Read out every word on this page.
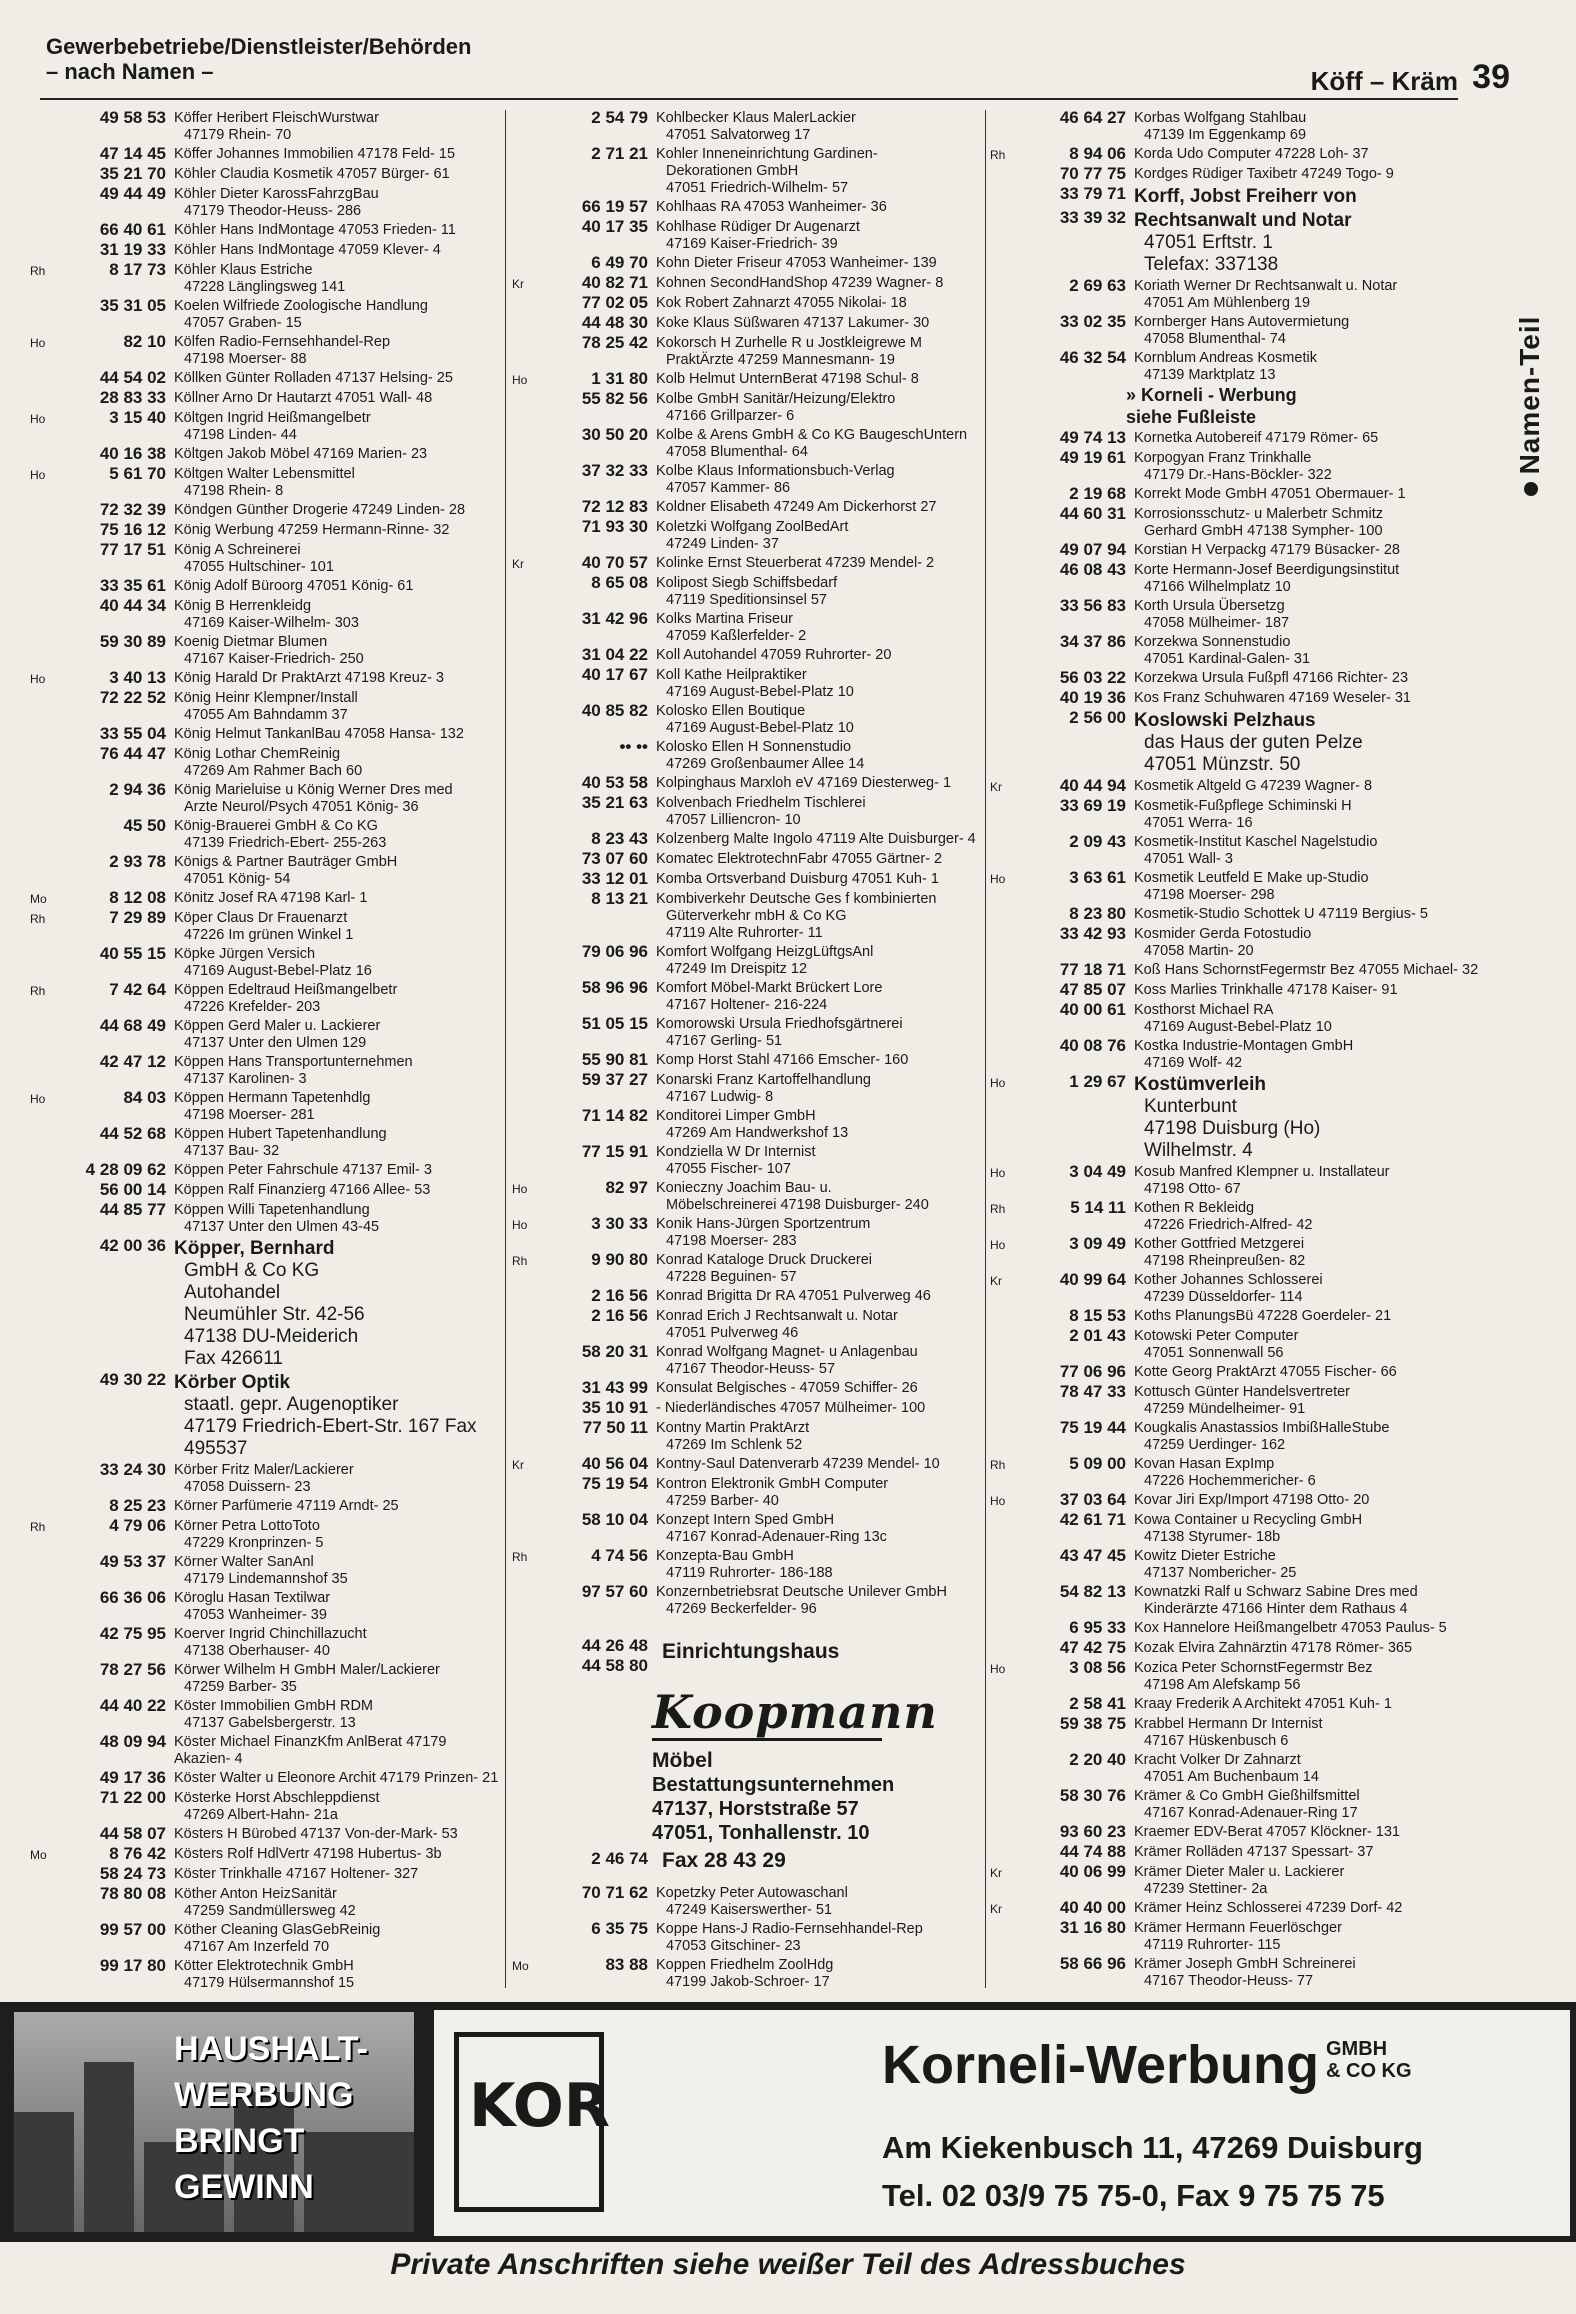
Gewerbebetriebe/Dienstleister/Behörden
– nach Namen –	Köff – Kräm 39
Namen-Teil
49 58 53 Köffer Heribert FleischWurstwar
47179 Rhein- 70
47 14 45 Köffer Johannes Immobilien 47178 Feld- 15
35 21 70 Köhler Claudia Kosmetik 47057 Bürger- 61
49 44 49 Köhler Dieter KarossFahrzgBau
47179 Theodor-Heuss- 286
66 40 61 Köhler Hans IndMontage 47053 Frieden- 11
31 19 33 Köhler Hans IndMontage 47059 Klever- 4
Rh	8 17 73 Köhler Klaus Estriche
47228 Länglingsweg 141
35 31 05 Koelen Wilfriede Zoologische Handlung
47057 Graben- 15
Ho	82 10 Kölfen Radio-Fernsehhandel-Rep
47198 Moerser- 88
44 54 02 Köllken Günter Rolladen 47137 Helsing- 25
28 83 33 Köllner Arno Dr Hautarzt 47051 Wall- 48
Ho	3 15 40 Költgen Ingrid Heißmangelbetr
47198 Linden- 44
40 16 38 Költgen Jakob Möbel 47169 Marien- 23
Ho	5 61 70 Költgen Walter Lebensmittel
47198 Rhein- 8
72 32 39 Köndgen Günther Drogerie 47249 Linden- 28
75 16 12 König Werbung 47259 Hermann-Rinne- 32
77 17 51 König A Schreinerei
47055 Hultschiner- 101
33 35 61 König Adolf Büroorg 47051 König- 61
40 44 34 König B Herrenkleidg
47169 Kaiser-Wilhelm- 303
59 30 89 Koenig Dietmar Blumen
47167 Kaiser-Friedrich- 250
Ho	3 40 13 König Harald Dr PraktArzt 47198 Kreuz- 3
72 22 52 König Heinr Klempner/Install
47055 Am Bahndamm 37
33 55 04 König Helmut TankanlBau 47058 Hansa- 132
76 44 47 König Lothar ChemReinig
47269 Am Rahmer Bach 60
2 94 36 König Marieluise u König Werner Dres med
Arzte Neurol/Psych 47051 König- 36
45 50 König-Brauerei GmbH & Co KG
47139 Friedrich-Ebert- 255-263
2 93 78 Königs & Partner Bauträger GmbH
47051 König- 54
Mo	8 12 08 Könitz Josef RA 47198 Karl- 1
Rh	7 29 89 Köper Claus Dr Frauenarzt
47226 Im grünen Winkel 1
40 55 15 Köpke Jürgen Versich
47169 August-Bebel-Platz 16
Rh	7 42 64 Köppen Edeltraud Heißmangelbetr
47226 Krefelder- 203
44 68 49 Köppen Gerd Maler u. Lackierer
47137 Unter den Ulmen 129
42 47 12 Köppen Hans Transportunternehmen
47137 Karolinen- 3
Ho	84 03 Köppen Hermann Tapetenhdlg
47198 Moerser- 281
44 52 68 Köppen Hubert Tapetenhandlung
47137 Bau- 32
4 28 09 62 Köppen Peter Fahrschule 47137 Emil- 3
56 00 14 Köppen Ralf Finanzierg 47166 Allee- 53
44 85 77 Köppen Willi Tapetenhandlung
47137 Unter den Ulmen 43-45
42 00 36 Köpper, Bernhard
GmbH & Co KG
Autohandel
Neumühler Str. 42-56
47138 DU-Meiderich
Fax 426611
49 30 22 Körber Optik
staatl. gepr. Augenoptiker
47179 Friedrich-Ebert-Str. 167 Fax 495537
33 24 30 Körber Fritz Maler/Lackierer
47058 Duissern- 23
8 25 23 Körner Parfümerie 47119 Arndt- 25
Rh	4 79 06 Körner Petra LottoToto
47229 Kronprinzen- 5
49 53 37 Körner Walter SanAnl
47179 Lindemannshof 35
66 36 06 Köroglu Hasan Textilwar
47053 Wanheimer- 39
42 75 95 Koerver Ingrid Chinchillazucht
47138 Oberhauser- 40
78 27 56 Körwer Wilhelm H GmbH Maler/Lackierer
47259 Barber- 35
44 40 22 Köster Immobilien GmbH RDM
47137 Gabelsbergerstr. 13
48 09 94 Köster Michael FinanzKfm AnlBerat 47179 Akazien- 4
49 17 36 Köster Walter u Eleonore Archit 47179 Prinzen- 21
71 22 00 Kösterke Horst Abschleppdienst
47269 Albert-Hahn- 21a
44 58 07 Kösters H Bürobed 47137 Von-der-Mark- 53
Mo	8 76 42 Kösters Rolf HdlVertr 47198 Hubertus- 3b
58 24 73 Köster Trinkhalle 47167 Holtener- 327
78 80 08 Köther Anton HeizSanitär
47259 Sandmüllersweg 42
99 57 00 Köther Cleaning GlasGebReinig
47167 Am Inzerfeld 70
99 17 80 Kötter Elektrotechnik GmbH
47179 Hülsermannshof 15
2 54 79 Kohlbecker Klaus MalerLackier
47051 Salvatorweg 17
2 71 21 Kohler Inneneinrichtung Gardinen-
Dekorationen GmbH
47051 Friedrich-Wilhelm- 57
66 19 57 Kohlhaas RA 47053 Wanheimer- 36
40 17 35 Kohlhase Rüdiger Dr Augenarzt
47169 Kaiser-Friedrich- 39
6 49 70 Kohn Dieter Friseur 47053 Wanheimer- 139
Kr	40 82 71 Kohnen SecondHandShop 47239 Wagner- 8
77 02 05 Kok Robert Zahnarzt 47055 Nikolai- 18
44 48 30 Koke Klaus Süßwaren 47137 Lakumer- 30
78 25 42 Kokorsch H Zurhelle R u Jostkleigrewe M
PraktÄrzte 47259 Mannesmann- 19
Ho	1 31 80 Kolb Helmut UnternBerat 47198 Schul- 8
55 82 56 Kolbe GmbH Sanitär/Heizung/Elektro
47166 Grillparzer- 6
30 50 20 Kolbe & Arens GmbH & Co KG BaugeschUntern
47058 Blumenthal- 64
37 32 33 Kolbe Klaus Informationsbuch-Verlag
47057 Kammer- 86
72 12 83 Koldner Elisabeth 47249 Am Dickerhorst 27
71 93 30 Koletzki Wolfgang ZoolBedArt
47249 Linden- 37
Kr	40 70 57 Kolinke Ernst Steuerberat 47239 Mendel- 2
8 65 08 Kolipost Siegb Schiffsbedarf
47119 Speditionsinsel 57
31 42 96 Kolks Martina Friseur
47059 Kaßlerfelder- 2
31 04 22 Koll Autohandel 47059 Ruhrorter- 20
40 17 67 Koll Kathe Heilpraktiker
47169 August-Bebel-Platz 10
40 85 82 Kolosko Ellen Boutique
47169 August-Bebel-Platz 10
•• •• Kolosko Ellen H Sonnenstudio
47269 Großenbaumer Allee 14
40 53 58 Kolpinghaus Marxloh eV 47169 Diesterweg- 1
35 21 63 Kolvenbach Friedhelm Tischlerei
47057 Lilliencron- 10
8 23 43 Kolzenberg Malte Ingolo 47119 Alte Duisburger- 4
73 07 60 Komatec ElektrotechnFabr 47055 Gärtner- 2
33 12 01 Komba Ortsverband Duisburg 47051 Kuh- 1
8 13 21 Kombiverkehr Deutsche Ges f kombinierten
Güterverkehr mbH & Co KG
47119 Alte Ruhrorter- 11
79 06 96 Komfort Wolfgang HeizgLüftgsAnl
47249 Im Dreispitz 12
58 96 96 Komfort Möbel-Markt Brückert Lore
47167 Holtener- 216-224
51 05 15 Komorowski Ursula Friedhofsgärtnerei
47167 Gerling- 51
55 90 81 Komp Horst Stahl 47166 Emscher- 160
59 37 27 Konarski Franz Kartoffelhandlung
47167 Ludwig- 8
71 14 82 Konditorei Limper GmbH
47269 Am Handwerkshof 13
77 15 91 Kondziella W Dr Internist
47055 Fischer- 107
Ho	82 97 Konieczny Joachim Bau- u.
Möbelschreinerei 47198 Duisburger- 240
Ho	3 30 33 Konik Hans-Jürgen Sportzentrum
47198 Moerser- 283
Rh	9 90 80 Konrad Kataloge Druck Druckerei
47228 Beguinen- 57
2 16 56 Konrad Brigitta Dr RA 47051 Pulverweg 46
2 16 56 Konrad Erich J Rechtsanwalt u. Notar
47051 Pulverweg 46
58 20 31 Konrad Wolfgang Magnet- u Anlagenbau
47167 Theodor-Heuss- 57
31 43 99 Konsulat Belgisches - 47059 Schiffer- 26
35 10 91 - Niederländisches 47057 Mülheimer- 100
77 50 11 Kontny Martin PraktArzt
47269 Im Schlenk 52
Kr	40 56 04 Kontny-Saul Datenverarb 47239 Mendel- 10
75 19 54 Kontron Elektronik GmbH Computer
47259 Barber- 40
58 10 04 Konzept Intern Sped GmbH
47167 Konrad-Adenauer-Ring 13c
Rh	4 74 56 Konzepta-Bau GmbH
47119 Ruhrorter- 186-188
97 57 60 Konzernbetriebsrat Deutsche Unilever GmbH
47269 Beckerfelder- 96
44 26 48
44 58 80
Einrichtungshaus
Koopmann
Möbel
Bestattungsunternehmen
47137, Horststraße 57
47051, Tonhallenstr. 10
2 46 74 Fax 28 43 29
70 71 62 Kopetzky Peter Autowaschanl
47249 Kaiserswerther- 51
6 35 75 Koppe Hans-J Radio-Fernsehhandel-Rep
47053 Gitschiner- 23
Mo	83 88 Koppen Friedhelm ZoolHdg
47199 Jakob-Schroer- 17
46 64 27 Korbas Wolfgang Stahlbau
47139 Im Eggenkamp 69
Rh	8 94 06 Korda Udo Computer 47228 Loh- 37
70 77 75 Kordges Rüdiger Taxibetr 47249 Togo- 9
33 79 71 Korff, Jobst Freiherr von
33 39 32 Rechtsanwalt und Notar
47051 Erftstr. 1
Telefax: 337138
2 69 63 Koriath Werner Dr Rechtsanwalt u. Notar
47051 Am Mühlenberg 19
33 02 35 Kornberger Hans Autovermietung
47058 Blumenthal- 74
46 32 54 Kornblum Andreas Kosmetik
47139 Marktplatz 13
» Korneli - Werbung
siehe Fußleiste
49 74 13 Kornetka Autobereif 47179 Römer- 65
49 19 61 Korpogyan Franz Trinkhalle
47179 Dr.-Hans-Böckler- 322
2 19 68 Korrekt Mode GmbH 47051 Obermauer- 1
44 60 31 Korrosionsschutz- u Malerbetr Schmitz
Gerhard GmbH 47138 Sympher- 100
49 07 94 Korstian H Verpackg 47179 Büsacker- 28
46 08 43 Korte Hermann-Josef Beerdigungsinstitut
47166 Wilhelmplatz 10
33 56 83 Korth Ursula Übersetzg
47058 Mülheimer- 187
34 37 86 Korzekwa Sonnenstudio
47051 Kardinal-Galen- 31
56 03 22 Korzekwa Ursula Fußpfl 47166 Richter- 23
40 19 36 Kos Franz Schuhwaren 47169 Weseler- 31
2 56 00 Koslowski Pelzhaus
das Haus der guten Pelze
47051 Münzstr. 50
Kr	40 44 94 Kosmetik Altgeld G 47239 Wagner- 8
33 69 19 Kosmetik-Fußpflege Schiminski H
47051 Werra- 16
2 09 43 Kosmetik-Institut Kaschel Nagelstudio
47051 Wall- 3
Ho	3 63 61 Kosmetik Leutfeld E Make up-Studio
47198 Moerser- 298
8 23 80 Kosmetik-Studio Schottek U 47119 Bergius- 5
33 42 93 Kosmider Gerda Fotostudio
47058 Martin- 20
77 18 71 Koß Hans SchornstFegermstr Bez 47055 Michael- 32
47 85 07 Koss Marlies Trinkhalle 47178 Kaiser- 91
40 00 61 Kosthorst Michael RA
47169 August-Bebel-Platz 10
40 08 76 Kostka Industrie-Montagen GmbH
47169 Wolf- 42
Ho	1 29 67 Kostümverleih
Kunterbunt
47198 Duisburg (Ho)
Wilhelmstr. 4
Ho	3 04 49 Kosub Manfred Klempner u. Installateur
47198 Otto- 67
Rh	5 14 11 Kothen R Bekleidg
47226 Friedrich-Alfred- 42
Ho	3 09 49 Kother Gottfried Metzgerei
47198 Rheinpreußen- 82
Kr	40 99 64 Kother Johannes Schlosserei
47239 Düsseldorfer- 114
8 15 53 Koths PlanungsBü 47228 Goerdeler- 21
2 01 43 Kotowski Peter Computer
47051 Sonnenwall 56
77 06 96 Kotte Georg PraktArzt 47055 Fischer- 66
78 47 33 Kottusch Günter Handelsvertreter
47259 Mündelheimer- 91
75 19 44 Kougkalis Anastassios ImbißHalleStube
47259 Uerdinger- 162
Rh	5 09 00 Kovan Hasan ExpImp
47226 Hochemmericher- 6
Ho	37 03 64 Kovar Jiri Exp/Import 47198 Otto- 20
42 61 71 Kowa Container u Recycling GmbH
47138 Styrumer- 18b
43 47 45 Kowitz Dieter Estriche
47137 Nombericher- 25
54 82 13 Kownatzki Ralf u Schwarz Sabine Dres med
Kinderärzte 47166 Hinter dem Rathaus 4
6 95 33 Kox Hannelore Heißmangelbetr 47053 Paulus- 5
47 42 75 Kozak Elvira Zahnärztin 47178 Römer- 365
Ho	3 08 56 Kozica Peter SchornstFegermstr Bez
47198 Am Alefskamp 56
2 58 41 Kraay Frederik A Architekt 47051 Kuh- 1
59 38 75 Krabbel Hermann Dr Internist
47167 Hüskenbusch 6
2 20 40 Kracht Volker Dr Zahnarzt
47051 Am Buchenbaum 14
58 30 76 Krämer & Co GmbH Gießhilfsmittel
47167 Konrad-Adenauer-Ring 17
93 60 23 Kraemer EDV-Berat 47057 Klöckner- 131
44 74 88 Krämer Rolläden 47137 Spessart- 37
Kr	40 06 99 Krämer Dieter Maler u. Lackierer
47239 Stettiner- 2a
Kr	40 40 00 Krämer Heinz Schlosserei 47239 Dorf- 42
31 16 80 Krämer Hermann Feuerlöschger
47119 Ruhrorter- 115
58 66 96 Krämer Joseph GmbH Schreinerei
47167 Theodor-Heuss- 77
HAUSHALT-
WERBUNG
BRINGT
GEWINN
KOR
Korneli-Werbung GMBH
& CO KG
Am Kiekenbusch 11, 47269 Duisburg
Tel. 02 03/9 75 75-0, Fax 9 75 75 75
Private Anschriften siehe weißer Teil des Adressbuches
